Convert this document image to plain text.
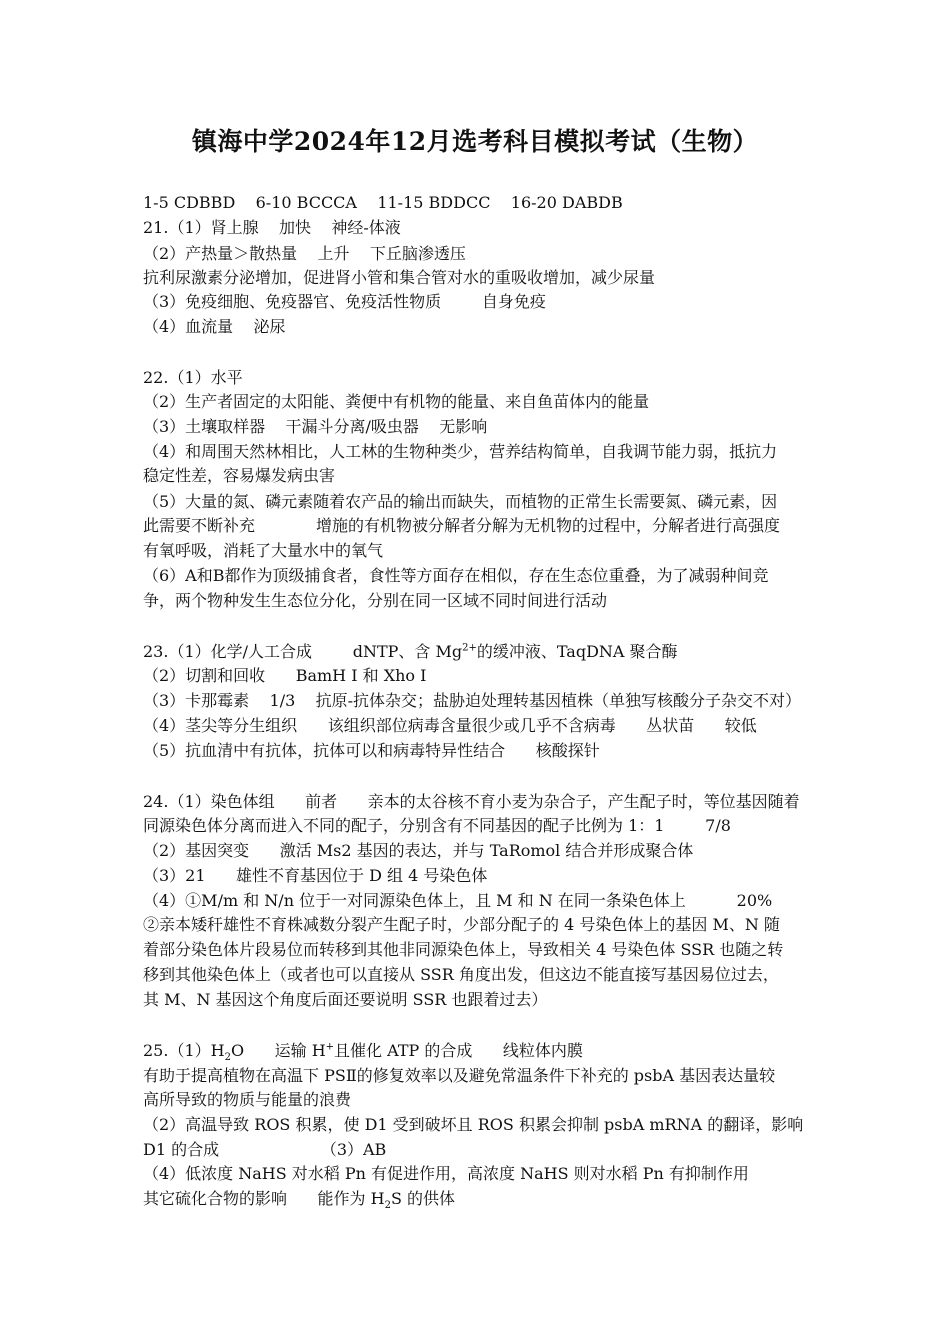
镇海中学2024年12月选考科目模拟考试（生物）
1-5 CDBBD    6-10 BCCCA    11-15 BDDCC    16-20 DABDB
21.（1）肾上腺    加快    神经-体液
（2）产热量＞散热量    上升    下丘脑渗透压
抗利尿激素分泌增加，促进肾小管和集合管对水的重吸收增加，减少尿量
（3）免疫细胞、免疫器官、免疫活性物质        自身免疫
（4）血流量    泌尿
22.（1）水平
（2）生产者固定的太阳能、粪便中有机物的能量、来自鱼苗体内的能量
（3）土壤取样器    干漏斗分离/吸虫器    无影响
（4）和周围天然林相比，人工林的生物种类少，营养结构简单，自我调节能力弱，抵抗力
稳定性差，容易爆发病虫害
（5）大量的氮、磷元素随着农产品的输出而缺失，而植物的正常生长需要氮、磷元素，因
此需要不断补充            增施的有机物被分解者分解为无机物的过程中，分解者进行高强度
有氧呼吸，消耗了大量水中的氧气
（6）A和B都作为顶级捕食者，食性等方面存在相似，存在生态位重叠，为了减弱种间竞
争，两个物种发生生态位分化，分别在同一区域不同时间进行活动
23.（1）化学/人工合成        dNTP、含 $Mg^{2+}$的缓冲液、TaqDNA 聚合酶
（2）切割和回收      BamH Ⅰ 和 Xho Ⅰ
（3）卡那霉素    1/3    抗原-抗体杂交；盐胁迫处理转基因植株（单独写核酸分子杂交不对）
（4）茎尖等分生组织      该组织部位病毒含量很少或几乎不含病毒      丛状苗      较低
（5）抗血清中有抗体，抗体可以和病毒特异性结合      核酸探针
24.（1）染色体组      前者      亲本的太谷核不育小麦为杂合子，产生配子时，等位基因随着
同源染色体分离而进入不同的配子，分别含有不同基因的配子比例为 1：1        7/8
（2）基因突变      激活 Ms2 基因的表达，并与 TaRomol 结合并形成聚合体
（3）21      雄性不育基因位于 D 组 4 号染色体
（4）①M/m 和 N/n 位于一对同源染色体上，且 M 和 N 在同一条染色体上          20%
②亲本矮秆雄性不育株减数分裂产生配子时，少部分配子的 4 号染色体上的基因 M、N 随
着部分染色体片段易位而转移到其他非同源染色体上，导致相关 4 号染色体 SSR 也随之转
移到其他染色体上（或者也可以直接从 SSR 角度出发，但这边不能直接写基因易位过去，
其 M、N 基因这个角度后面还要说明 SSR 也跟着过去）
$25.(1)H_2O$      运输 H+且催化 ATP 的合成      线粒体内膜
有助于提高植物在高温下 PSⅡ的修复效率以及避免常温条件下补充的 psbA 基因表达量较
高所导致的物质与能量的浪费
（2）高温导致 ROS 积累，使 D1 受到破坏且 ROS 积累会抑制 psbA mRNA 的翻译，影响
D1 的合成                    （3）AB
（4）低浓度 NaHS 对水稻 Pn 有促进作用，高浓度 NaHS 则对水稻 Pn 有抑制作用
其它硫化合物的影响      能作为 $H_2S$ 的供体
